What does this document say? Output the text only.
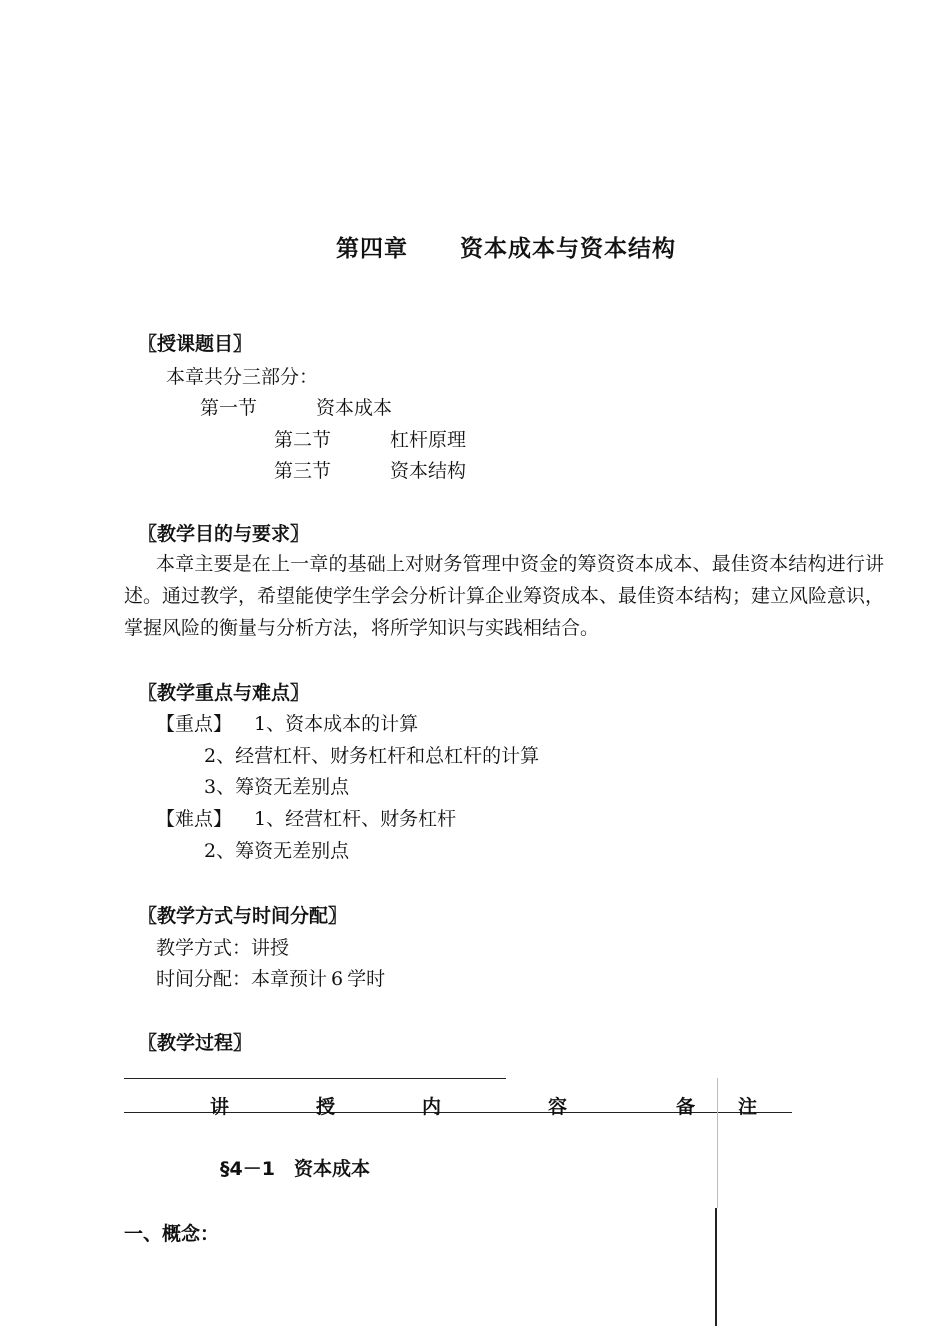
第四章 资本成本与资本结构
〖授课题目〗
本章共分三部分：
第一节	资本成本
第二节	杠杆原理
第三节	资本结构
〖教学目的与要求〗
本章主要是在上一章的基础上对财务管理中资金的筹资资本成本、最佳资本结构进行讲述。通过教学，希望能使学生学会分析计算企业筹资成本、最佳资本结构；建立风险意识，掌握风险的衡量与分析方法，将所学知识与实践相结合。
〖教学重点与难点〗
【重点】 1、资本成本的计算
2、经营杠杆、财务杠杆和总杠杆的计算
3、筹资无差别点
【难点】 1、经营杠杆、财务杠杆
2、筹资无差别点
〖教学方式与时间分配〗
教学方式：讲授
时间分配：本章预计 6 学时
〖教学过程〗
讲	授	内	容	备 注
§4－1　资本成本
一、概念：
